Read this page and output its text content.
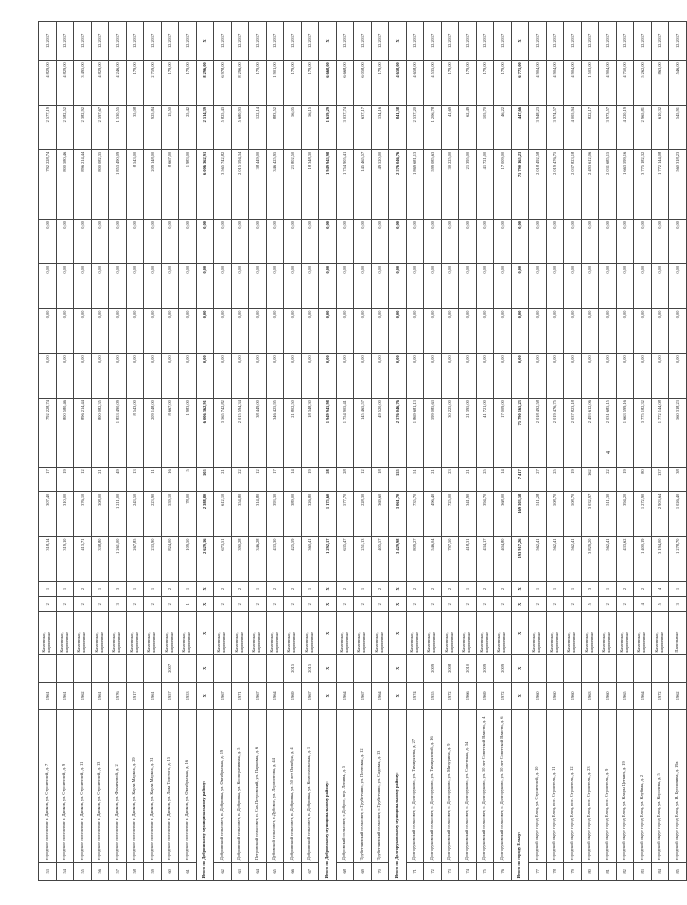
53	городское поселение г. Данков, ул. Строителей, д. 7	1961		Каменные, кирпичные	2	1	318,14	307,40	17	792 228,74	0,00	0,00	0,00	0,00	792 228,74	2 577,19	4 829,00	12.2017
54	городское поселение г. Данков, ул. Строителей, д. 9	1961		Каменные, кирпичные	2	1	319,10	310,00	19	800 580,46	0,00	0,00	0,00	0,00	800 580,46	2 582,52	4 829,00	12.2017
55	городское поселение г. Данков, ул. Строителей, д. 11	1962		Каменные, кирпичные	2	2	413,71	376,10	12	896 214,44	0,00	0,00	0,00	0,00	896 214,44	2 382,92	3 495,00	12.2017
56	городское поселение г. Данков, ул. Строителей, д. 13	1961		Каменные, кирпичные	2	1	338,80	308,00	21	800 082,35	0,00	0,00	0,00	0,00	800 082,35	2 597,67	4 829,00	12.2017
57	городское поселение г. Данков, ул. Фомичевой, д. 2	1976		Каменные, кирпичные	3	3	1 261,00	1 211,00	49	1 853 490,09	0,00	0,00	0,00	0,00	1 853 490,09	1 530,55	4 246,00	12.2017
58	городское поселение г. Данков, ул. Карла Маркса, д. 29	1917		Каменные, кирпичные	2	1	267,85	243,50	13	8 543,00	0,00	0,00	0,00	0,00	8 543,00	35,08	179,00	12.2017
59	городское поселение г. Данков, ул. Карла Маркса, д. 31	1961		Каменные, кирпичные	2	1	233,90	223,90	11	209 148,00	0,00	0,00	0,00	0,00	209 148,00	925,84	2 759,00	12.2017
60	городское поселение г. Данков, ул. Льва Толстого, д. 15	1957	2007	Каменные, кирпичные	2	2	824,00	559,10	16	8 667,00	0,00	0,00	0,00	0,00	8 667,00	15,50	179,00	12.2017
61	городское поселение г. Данков, ул. Октябрьская, д. 16	1953		Каменные, кирпичные	1	1	109,50	78,00	5	1 983,00	0,00	0,00	0,00	0,00	1 983,00	25,42	179,00	12.2017
Итого по Добринскому муниципальному району:		X	X	X	X	X	2 629,16	2 388,80	105	6 006 362,91	0,00	0,00	0,00	0,00	6 006 362,91	2 514,39	8 296,00	X
62	Добринский сельсовет, п. Добринка, ул. Октябрьская, д. 19	1967		Каменные, кирпичные	2	2	673,51	612,10	21	3 565 742,82	0,00	0,00	0,00	0,00	3 565 742,82	5 825,43	6 978,00	12.2017
63	Добринский сельсовет, п. Добринка, ул. Кооперативная, д. 5	1971		Каменные, кирпичные	2	2	390,28	354,80	22	2 015 594,34	0,00	0,00	0,00	0,00	2 015 594,34	5 680,93	8 296,00	12.2017
64	Петровский сельсовет, п. Сах.Петровский, ул. Парковая, д. 6	1967		Каменные, кирпичные	2	1	346,28	314,80	12	38 449,00	0,00	0,00	0,00	0,00	38 449,00	122,14	179,00	12.2017
65	Дубовской сельсовет, с.Дубовое, ул. Лермонтова, д. 44	1964		Каменные, кирпичные	2	2	433,30	393,30	17	346 425,95	0,00	0,00	0,00	0,00	346 425,95	883,52	1 901,00	12.2017
66	Добринский сельсовет, п. Добринка, ул. 50 лет Октября, д. 4	1969	2015	Каменные, кирпичные	2	2	425,59	389,00	14	21 802,50	0,00	0,00	0,00	0,00	21 802,50	56,05	179,00	12.2017
67	Добринский сельсовет, п. Добринка, ул. Комсомольская, д. 1	1967	2015	Каменные, кирпичные	2	1	360,41	326,80	19	18 348,30	0,00	0,00	0,00	0,00	18 348,30	56,15	179,00	12.2017
Итого по Добровскому муниципальному району:		X	X	X	X	X	1 292,17	1 175,60	58	1 949 945,98	0,00	0,00	0,00	0,00	1 949 945,98	1 659,29	6 668,00	X
68	Добровский сельсовет, с.Доброе, пер. Ленина, д. 5	1964		Каменные, кирпичные	2	2	635,47	577,70	28	1 754 905,41	0,00	0,00	0,00	0,00	1 754 905,41	3 037,74	6 668,00	12.2017
69	Трубетчинский сельсовет, с.Трубетчино, ул. Почтовая, д. 12	1967		Каменные, кирпичные	2	1	251,13	228,30	12	145 465,57	0,00	0,00	0,00	0,00	145 465,57	637,17	6 058,00	12.2017
70	Трубетчинский сельсовет, с.Трубетчино, ул. Садовая, д. 13	1964		Каменные, кирпичные	2	2	405,57	369,60	18	49 520,00	0,00	0,00	0,00	0,00	49 520,00	134,16	179,00	12.2017
Итого по Долгоруковскому муниципальному району:		X	X	X	X	X	3 429,98	3 061,70	155	2 576 046,76	0,00	0,00	0,00	0,00	2 576 046,76	841,38	4 658,00	X
71	Долгоруковский сельсовет, с. Долгоруково, ул. Тимирязева, д. 27	1974		Каменные, кирпичные	2	2	809,27	735,70	51	1 869 681,13	0,00	0,00	0,00	0,00	1 869 681,13	2 537,20	4 658,00	12.2017
72	Долгоруковский сельсовет, с. Долгоруково, ул. Тимирязевой, д. 16	1955	2009	Каменные, кирпичные	2	2	546,04	496,40	21	599 085,63	0,00	0,00	0,00	0,00	599 085,63	1 206,78	4 535,00	12.2017
73	Долгоруковский сельсовет, с. Долгоруково, ул. Мичурина, д. 9	1972	2008	Каменные, кирпичные	2	2	797,50	725,00	23	30 225,00	0,00	0,00	0,00	0,00	30 225,00	41,69	179,00	12.2017
74	Долгоруковский сельсовет, с. Долгоруково, ул. Советская, д. 34	1966	2010	Каменные, кирпичные	2	1	418,31	341,90	21	21 395,00	0,00	0,00	0,00	0,00	21 395,00	62,49	179,00	12.2017
75	Долгоруковский сельсовет, с. Долгоруково, ул. 50 лет Советской Власти, д. 4	1969	2009	Каменные, кирпичные	2	2	434,17	394,70	25	41 721,00	0,00	0,00	0,00	0,00	41 721,00	105,70	179,00	12.2017
76	Долгоруковский сельсовет, с. Долгоруково, ул. 50 лет Советской Власти, д. 6	1972	2009	Каменные, кирпичные	2	2	404,80	368,00	14	17 009,00	0,00	0,00	0,00	0,00	17 009,00	46,22	179,00	12.2017
Итого по городу Ельцу:		X	X	X	X	X	193 917,26	169 303,58	7 417	75 790 165,23	0,00	0,00	0,00	0,00	75 790 165,23	447,66	6 775,00	X
77	городской округ город Елец, ул. Строителей, д. 10	1960		Каменные, кирпичные	2	1	562,41	511,28	27	2 018 492,58	0,00	0,00	0,00	0,00	2 018 492,58	3 948,23	4 904,00	12.2017
78	городской округ город Елец, пос. Строитель, д. 11	1960		Каменные, кирпичные	2	1	562,41	508,70	25	2 019 476,75	0,00	0,00	0,00	0,00	2 019 476,75	3 974,57	4 904,00	12.2017
79	городской округ город Елец, пос. Строитель, д. 12	1960		Каменные, кирпичные	2	1	562,41	508,70	19	2 037 823,18	0,00	0,00	0,00	0,00	2 037 823,18	4 005,94	4 904,00	12.2017
80	городской округ город Елец, пос. Строитель, д. 23	1963		Каменные, кирпичные	5	3	3 829,20	3 032,97	162	2 493 612,06	0,00	0,00	0,00	0,00	2 493 612,06	822,17	1 503,00	12.2017
81	городской округ город Елец, пос. Строитель, д. 9	1960		Каменные, кирпичные	2	1	562,41	511,30	22	2 031 685,15	0,00	0,00	0,00	0,00	2 031 685,15	3 973,57	4 904,00	12.2017
82	городской округ город Елец, ул. Клары Цеткин, д. 19	1965		Каменные, кирпичные	2	2	433,62	394,20	19	1 663 599,16	0,00	0,00	0,00	0,00	1 663 599,16	4 220,19	4 750,00	12.2017
83	городской округ город Елец, ул. Клубная, д. 2	1964		Каменные, кирпичные	4	2	1 400,19	1 272,90	80	3 775 182,32	0,00	0,00	0,00	0,00	3 775 182,32	2 965,81	5 262,00	12.2017
84	городской округ город Елец, ул. Королева, д. 5	1972		Каменные, кирпичные	5	4	3 194,00	2 903,64	137	1 772 144,08	0,00	0,00	0,00	0,00	1 772 144,08	610,32	863,00	12.2017
85	городской округ город Елец, ул. В. Буссинина, д. 19а	1962		Панельные	3	1	1 278,70	1 026,40	38	560 318,23	0,00	0,00	0,00	0,00	560 318,23	545,91	546,00	12.2017
4
